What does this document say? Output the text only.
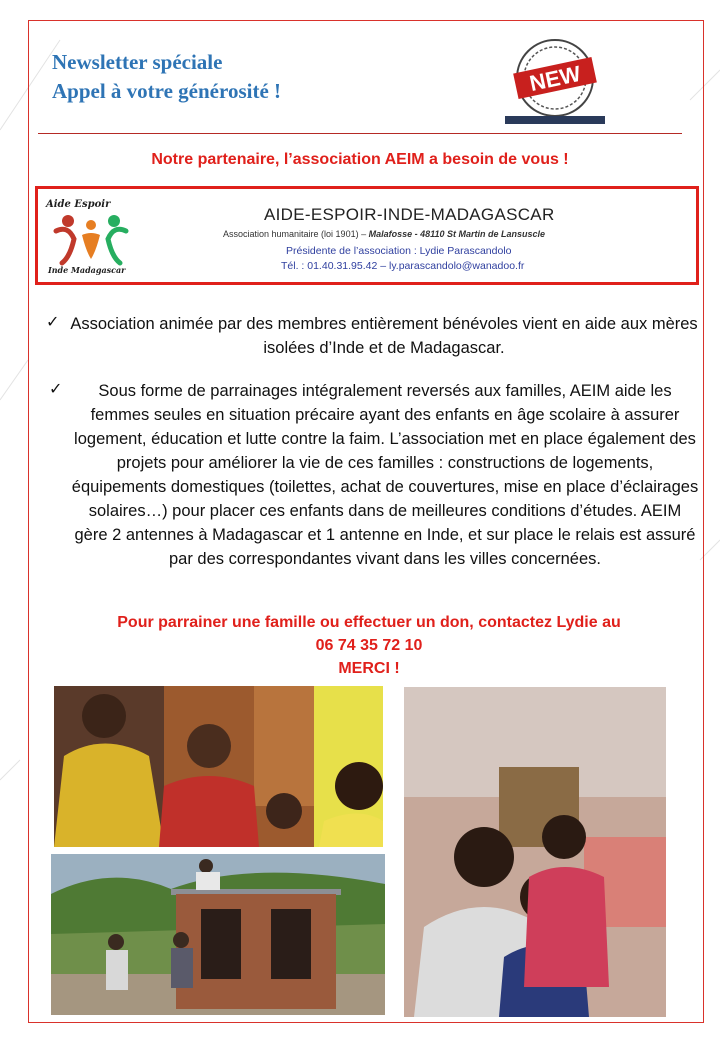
Newsletter spéciale
Appel à votre générosité !	NEW
Notre partenaire, l’association AEIM a besoin de vous !
Aide Espoir
Inde Madagascar
AIDE-ESPOIR-INDE-MADAGASCAR
Association humanitaire (loi 1901) – Malafosse - 48110 St Martin de Lansuscle
Présidente de l’association : Lydie Parascandolo
Tél. : 01.40.31.95.42 – ly.parascandolo@wanadoo.fr
✓ Association animée par des membres entièrement bénévoles vient en aide aux mères isolées d’Inde et de Madagascar.
✓	Sous forme de parrainages intégralement reversés aux familles, AEIM aide les femmes seules en situation précaire ayant des enfants en âge scolaire à assurer logement, éducation et lutte contre la faim. L’association met en place également des projets pour améliorer la vie de ces familles : constructions de logements, équipements domestiques (toilettes, achat de couvertures, mise en place d’éclairages solaires…) pour placer ces enfants dans de meilleures conditions d’études. AEIM gère 2 antennes à Madagascar et 1 antenne en Inde, et sur place le relais est assuré par des correspondantes vivant dans les villes concernées.
Pour parrainer une famille ou effectuer un don, contactez Lydie au
06 74 35 72 10
MERCI !
